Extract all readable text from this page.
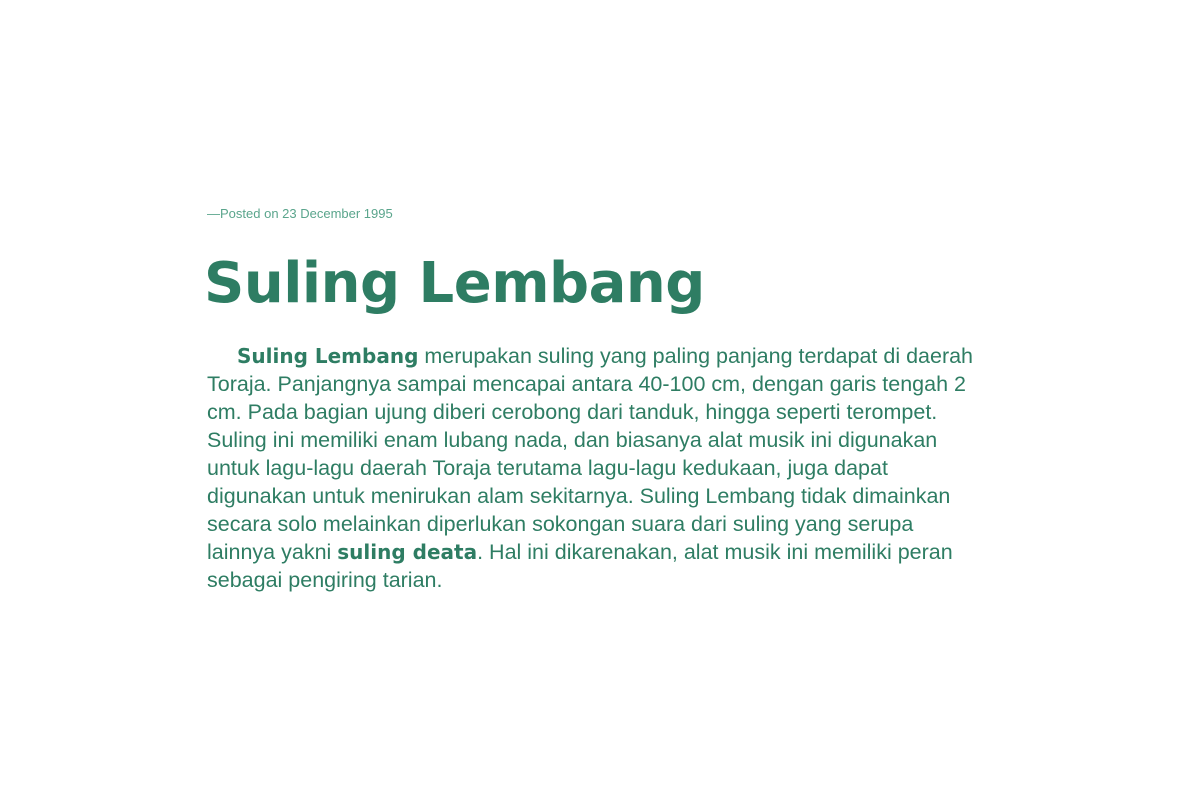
—Posted on 23 December 1995

Suling Lembang

Suling Lembang merupakan suling yang paling panjang terdapat di daerah Toraja. Panjangnya sampai mencapai antara 40-100 cm, dengan garis tengah 2 cm. Pada bagian ujung diberi cerobong dari tanduk, hingga seperti terompet. Suling ini memiliki enam lubang nada, dan biasanya alat musik ini digunakan untuk lagu-lagu daerah Toraja terutama lagu-lagu kedukaan, juga dapat digunakan untuk menirukan alam sekitarnya. Suling Lembang tidak dimainkan secara solo melainkan diperlukan sokongan suara dari suling yang serupa lainnya yakni suling deata. Hal ini dikarenakan, alat musik ini memiliki peran sebagai pengiring tarian.
